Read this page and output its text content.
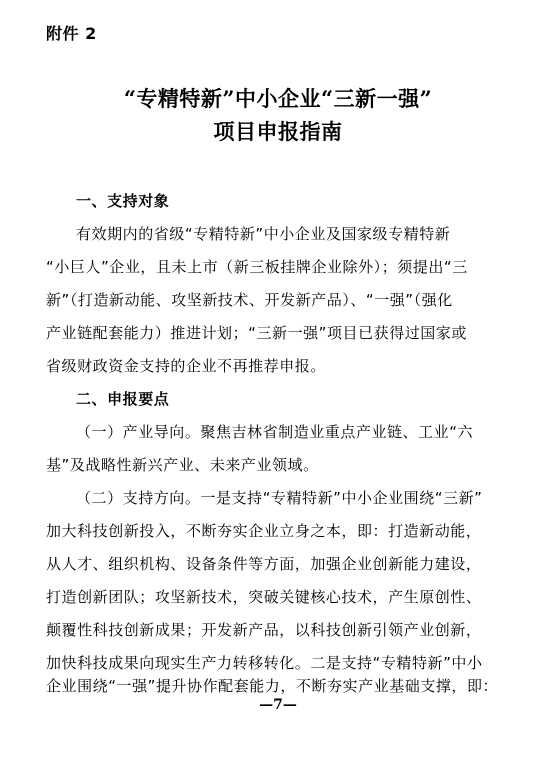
附件 2
“专精特新”中小企业“三新一强”
项目申报指南
一、支持对象
有效期内的省级“专精特新”中小企业及国家级专精特新
“小巨人”企业，且未上市（新三板挂牌企业除外）；须提出“三
新”（打造新动能、攻坚新技术、开发新产品）、“一强”（强化
产业链配套能力）推进计划；“三新一强”项目已获得过国家或
省级财政资金支持的企业不再推荐申报。
二、申报要点
（一）产业导向。聚焦吉林省制造业重点产业链、工业“六
基”及战略性新兴产业、未来产业领域。
（二）支持方向。一是支持“专精特新”中小企业围绕“三新”
加大科技创新投入，不断夯实企业立身之本，即：打造新动能，
从人才、组织机构、设备条件等方面，加强企业创新能力建设，
打造创新团队；攻坚新技术，突破关键核心技术，产生原创性、
颠覆性科技创新成果；开发新产品，以科技创新引领产业创新，
加快科技成果向现实生产力转移转化。二是支持“专精特新”中小
企业围绕“一强”提升协作配套能力，不断夯实产业基础支撑，即：
—7—
